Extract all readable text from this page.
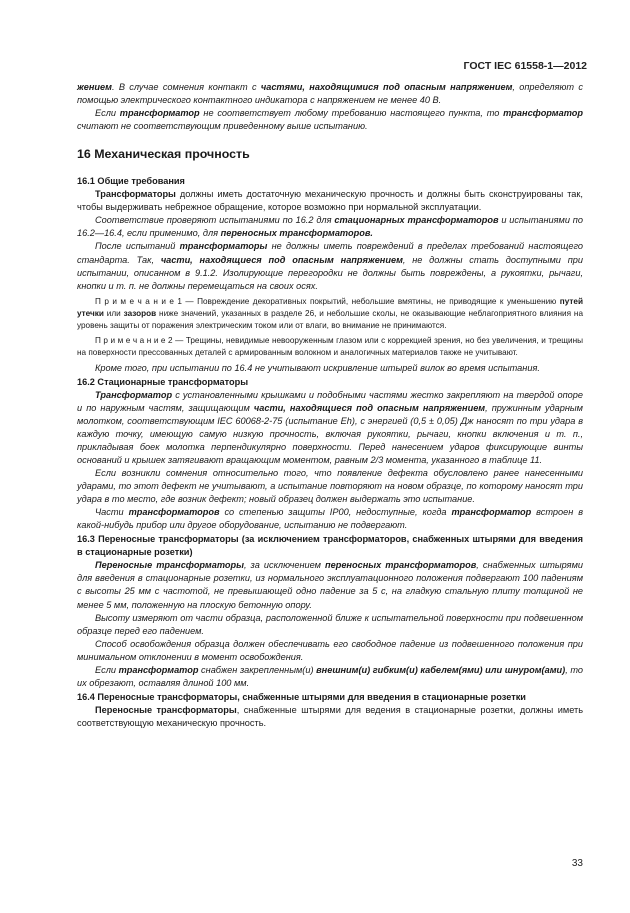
ГОСТ IEC 61558-1—2012

жением. В случае сомнения контакт с частями, находящимися под опасным напряжением, определяют с помощью электрического контактного индикатора с напряжением не менее 40 В.

Если трансформатор не соответствует любому требованию настоящего пункта, то трансформатор считают не соответствующим приведенному выше испытанию.

16 Механическая прочность

16.1 Общие требования

Трансформаторы должны иметь достаточную механическую прочность и должны быть сконструированы так, чтобы выдерживать небрежное обращение, которое возможно при нормальной эксплуатации.

Соответствие проверяют испытаниями по 16.2 для стационарных трансформаторов и испытаниями по 16.2—16.4, если применимо, для переносных трансформаторов.

После испытаний трансформаторы не должны иметь повреждений в пределах требований настоящего стандарта. Так, части, находящиеся под опасным напряжением, не должны стать доступными при испытании, описанном в 9.1.2. Изолирующие перегородки не должны быть повреждены, а рукоятки, рычаги, кнопки и т. п. не должны перемещаться на своих осях.

П р и м е ч а н и е 1 — Повреждение декоративных покрытий, небольшие вмятины, не приводящие к уменьшению путей утечки или зазоров ниже значений, указанных в разделе 26, и небольшие сколы, не оказывающие неблагоприятного влияния на уровень защиты от поражения электрическим током или от влаги, во внимание не принимаются.

П р и м е ч а н и е 2 — Трещины, невидимые невооруженным глазом или с коррекцией зрения, но без увеличения, и трещины на поверхности прессованных деталей с армированным волокном и аналогичных материалов также не учитывают.

Кроме того, при испытании по 16.4 не учитывают искривление штырей вилок во время испытания.

16.2 Стационарные трансформаторы

Трансформатор с установленными крышками и подобными частями жестко закрепляют на твердой опоре и по наружным частям, защищающим части, находящиеся под опасным напряжением, пружинным ударным молотком, соответствующим IEC 60068-2-75 (испытание Eh), с энергией (0,5 ± 0,05) Дж наносят по три удара в каждую точку, имеющую самую низкую прочность, включая рукоятки, рычаги, кнопки включения и т. п., прикладывая боек молотка перпендикулярно поверхности. Перед нанесением ударов фиксирующие винты оснований и крышек затягивают вращающим моментом, равным 2/3 момента, указанного в таблице 11.

Если возникли сомнения относительно того, что появление дефекта обусловлено ранее нанесенными ударами, то этот дефект не учитывают, а испытание повторяют на новом образце, по которому наносят три удара в то место, где возник дефект; новый образец должен выдержать это испытание.

Части трансформаторов со степенью защиты IP00, недоступные, когда трансформатор встроен в какой-нибудь прибор или другое оборудование, испытанию не подвергают.

16.3 Переносные трансформаторы (за исключением трансформаторов, снабженных штырями для введения в стационарные розетки)

Переносные трансформаторы, за исключением переносных трансформаторов, снабженных штырями для введения в стационарные розетки, из нормального эксплуатационного положения подвергают 100 падениям с высоты 25 мм с частотой, не превышающей одно падение за 5 с, на гладкую стальную плиту толщиной не менее 5 мм, положенную на плоскую бетонную опору.

Высоту измеряют от части образца, расположенной ближе к испытательной поверхности при подвешенном образце перед его падением.

Способ освобождения образца должен обеспечивать его свободное падение из подвешенного положения при минимальном отклонении в момент освобождения.

Если трансформатор снабжен закрепленным(и) внешним(и) гибким(и) кабелем(ями) или шнуром(ами), то их обрезают, оставляя длиной 100 мм.

16.4 Переносные трансформаторы, снабженные штырями для введения в стационарные розетки

Переносные трансформаторы, снабженные штырями для ведения в стационарные розетки, должны иметь соответствующую механическую прочность.

33
